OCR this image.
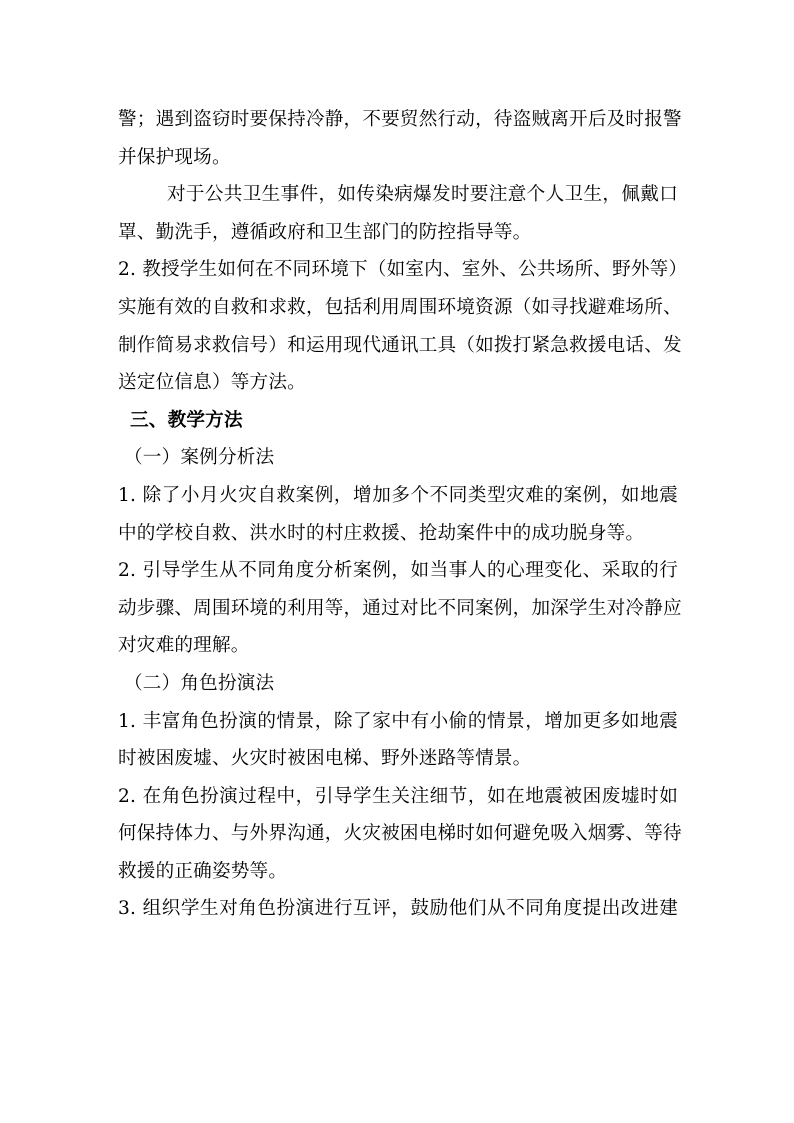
警；遇到盗窃时要保持冷静，不要贸然行动，待盗贼离开后及时报警
并保护现场。
对于公共卫生事件，如传染病爆发时要注意个人卫生，佩戴口
罩、勤洗手，遵循政府和卫生部门的防控指导等。
2. 教授学生如何在不同环境下（如室内、室外、公共场所、野外等）
实施有效的自救和求救，包括利用周围环境资源（如寻找避难场所、
制作简易求救信号）和运用现代通讯工具（如拨打紧急救援电话、发
送定位信息）等方法。
三、教学方法
（一）案例分析法
1. 除了小月火灾自救案例，增加多个不同类型灾难的案例，如地震
中的学校自救、洪水时的村庄救援、抢劫案件中的成功脱身等。
2. 引导学生从不同角度分析案例，如当事人的心理变化、采取的行
动步骤、周围环境的利用等，通过对比不同案例，加深学生对冷静应
对灾难的理解。
（二）角色扮演法
1. 丰富角色扮演的情景，除了家中有小偷的情景，增加更多如地震
时被困废墟、火灾时被困电梯、野外迷路等情景。
2. 在角色扮演过程中，引导学生关注细节，如在地震被困废墟时如
何保持体力、与外界沟通，火灾被困电梯时如何避免吸入烟雾、等待
救援的正确姿势等。
3. 组织学生对角色扮演进行互评，鼓励他们从不同角度提出改进建
